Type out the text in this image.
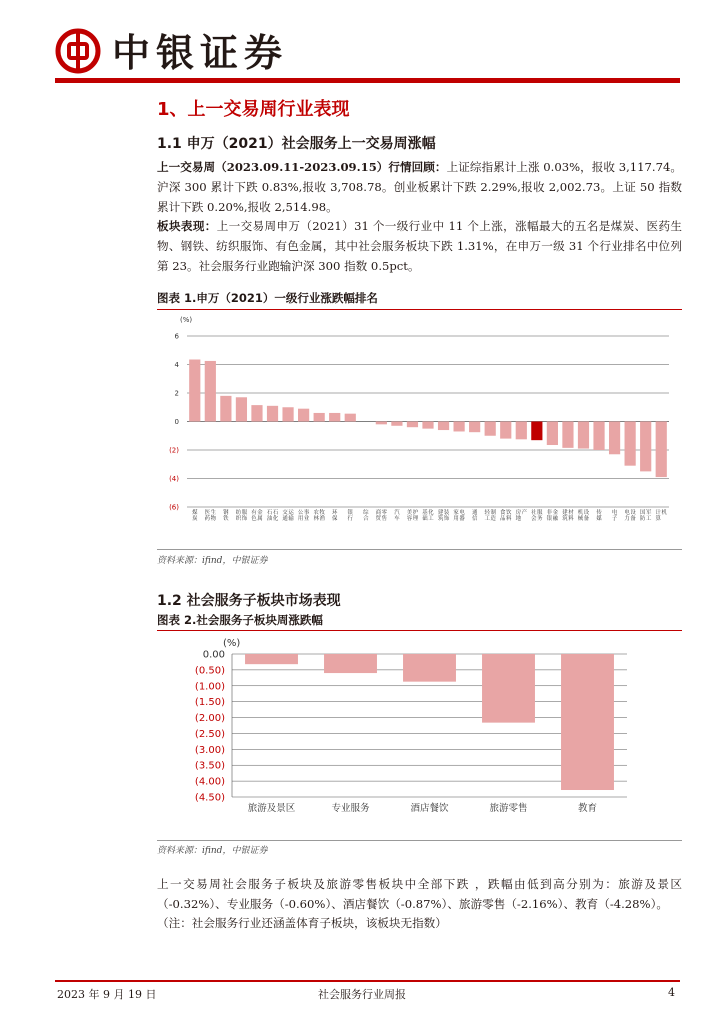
中银证券
1、上一交易周行业表现
1.1 申万（2021）社会服务上一交易周涨幅
上一交易周（2023.09.11-2023.09.15）行情回顾：上证综指累计上涨 0.03%，报收 3,117.74。沪深 300 累计下跌 0.83%,报收 3,708.78。创业板累计下跌 2.29%,报收 2,002.73。上证 50 指数累计下跌 0.20%,报收 2,514.98。
板块表现：上一交易周申万（2021）31 个一级行业中 11 个上涨，涨幅最大的五名是煤炭、医药生物、钢铁、纺织服饰、有色金属，其中社会服务板块下跌 1.31%，在申万一级 31 个行业排名中位列第 23。社会服务行业跑输沪深 300 指数 0.5pct。
图表 1.申万（2021）一级行业涨跌幅排名
(%)
6
4
2
0
(2)
(4)
(6)
煤炭
医药生物
钢铁
纺织服饰
有色金属
石油石化
交通运输
公用事业
农林牧渔
环保
银行
综合
商贸零售
汽车
美容护理
基础化工
建筑装饰
家用电器
通信
轻工制造
食品饮料
房地产 社会服务
非银金融
建筑材料
机械设备
传媒
电子
电力设备
国防军工
计算机
资料来源：ifind，中银证券
1.2 社会服务子板块市场表现
图表 2.社会服务子板块周涨跌幅
(%)
0.00
(0.50)
(1.00)
(1.50)
(2.00)
(2.50)
(3.00)
(3.50)
(4.00)
(4.50)
旅游及景区	专业服务	酒店餐饮	旅游零售	教育
资料来源：ifind，中银证券
上一交易周社会服务子板块及旅游零售板块中全部下跌 ，跌幅由低到高分别为：旅游及景区（-0.32%）、专业服务（-0.60%）、酒店餐饮（-0.87%）、旅游零售（-2.16%）、教育（-4.28%）。
（注：社会服务行业还涵盖体育子板块，该板块无指数）
2023 年 9 月 19 日	社会服务行业周报	4
